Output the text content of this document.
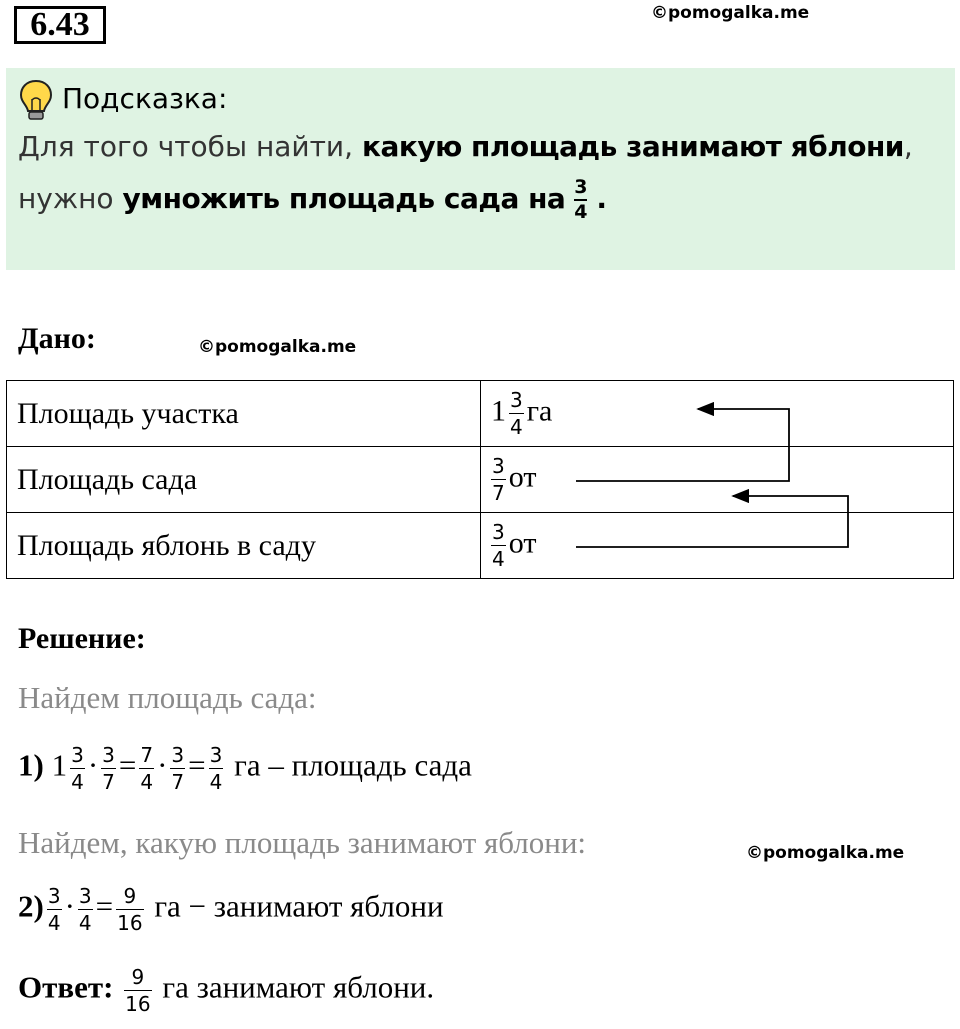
6.43	©pomogalka.me
Подсказка:
Для того чтобы найти, какую площадь занимают яблони,
нужно умножить площадь сада на $\frac{3}{4}$ .
Дано:	©pomogalka.me
Площадь участка	$1 \frac{3}{4}$ га
Площадь сада	$\frac{3}{7}$ от
Площадь яблонь в саду	$\frac{3}{4}$ от
Решение:
Найдем площадь сада:
1) $1 \frac{3}{4} \cdot \frac{3}{7} = \frac{7}{4} \cdot \frac{3}{7} = \frac{3}{4}$ га – площадь сада
Найдем, какую площадь занимают яблони:	©pomogalka.me
$2) \frac{3}{4} \cdot \frac{3}{4} = \frac{9}{16}$ га − занимают яблони
Ответ: $\frac{9}{16}$ га занимают яблони.
